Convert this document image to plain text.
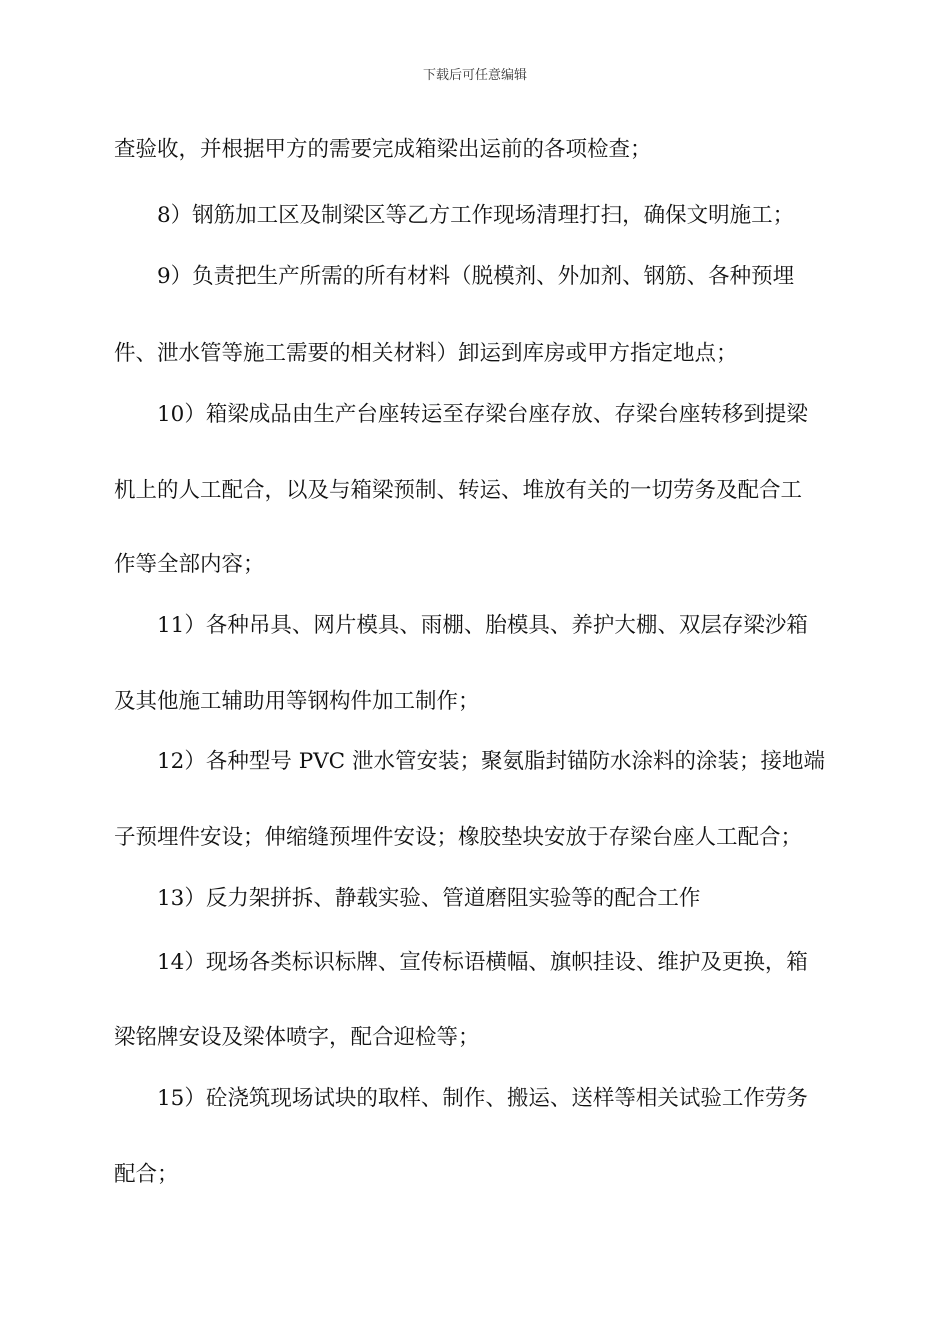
下载后可任意编辑
查验收，并根据甲方的需要完成箱梁出运前的各项检查；
8）钢筋加工区及制梁区等乙方工作现场清理打扫，确保文明施工；
9）负责把生产所需的所有材料（脱模剂、外加剂、钢筋、各种预埋
件、泄水管等施工需要的相关材料）卸运到库房或甲方指定地点；
10）箱梁成品由生产台座转运至存梁台座存放、存梁台座转移到提梁
机上的人工配合，以及与箱梁预制、转运、堆放有关的一切劳务及配合工
作等全部内容；
11）各种吊具、网片模具、雨棚、胎模具、养护大棚、双层存梁沙箱
及其他施工辅助用等钢构件加工制作；
12）各种型号 PVC 泄水管安装；聚氨脂封锚防水涂料的涂装；接地端
子预埋件安设；伸缩缝预埋件安设；橡胶垫块安放于存梁台座人工配合；
13）反力架拼拆、静载实验、管道磨阻实验等的配合工作
14）现场各类标识标牌、宣传标语横幅、旗帜挂设、维护及更换，箱
梁铭牌安设及梁体喷字，配合迎检等；
15）砼浇筑现场试块的取样、制作、搬运、送样等相关试验工作劳务
配合；
